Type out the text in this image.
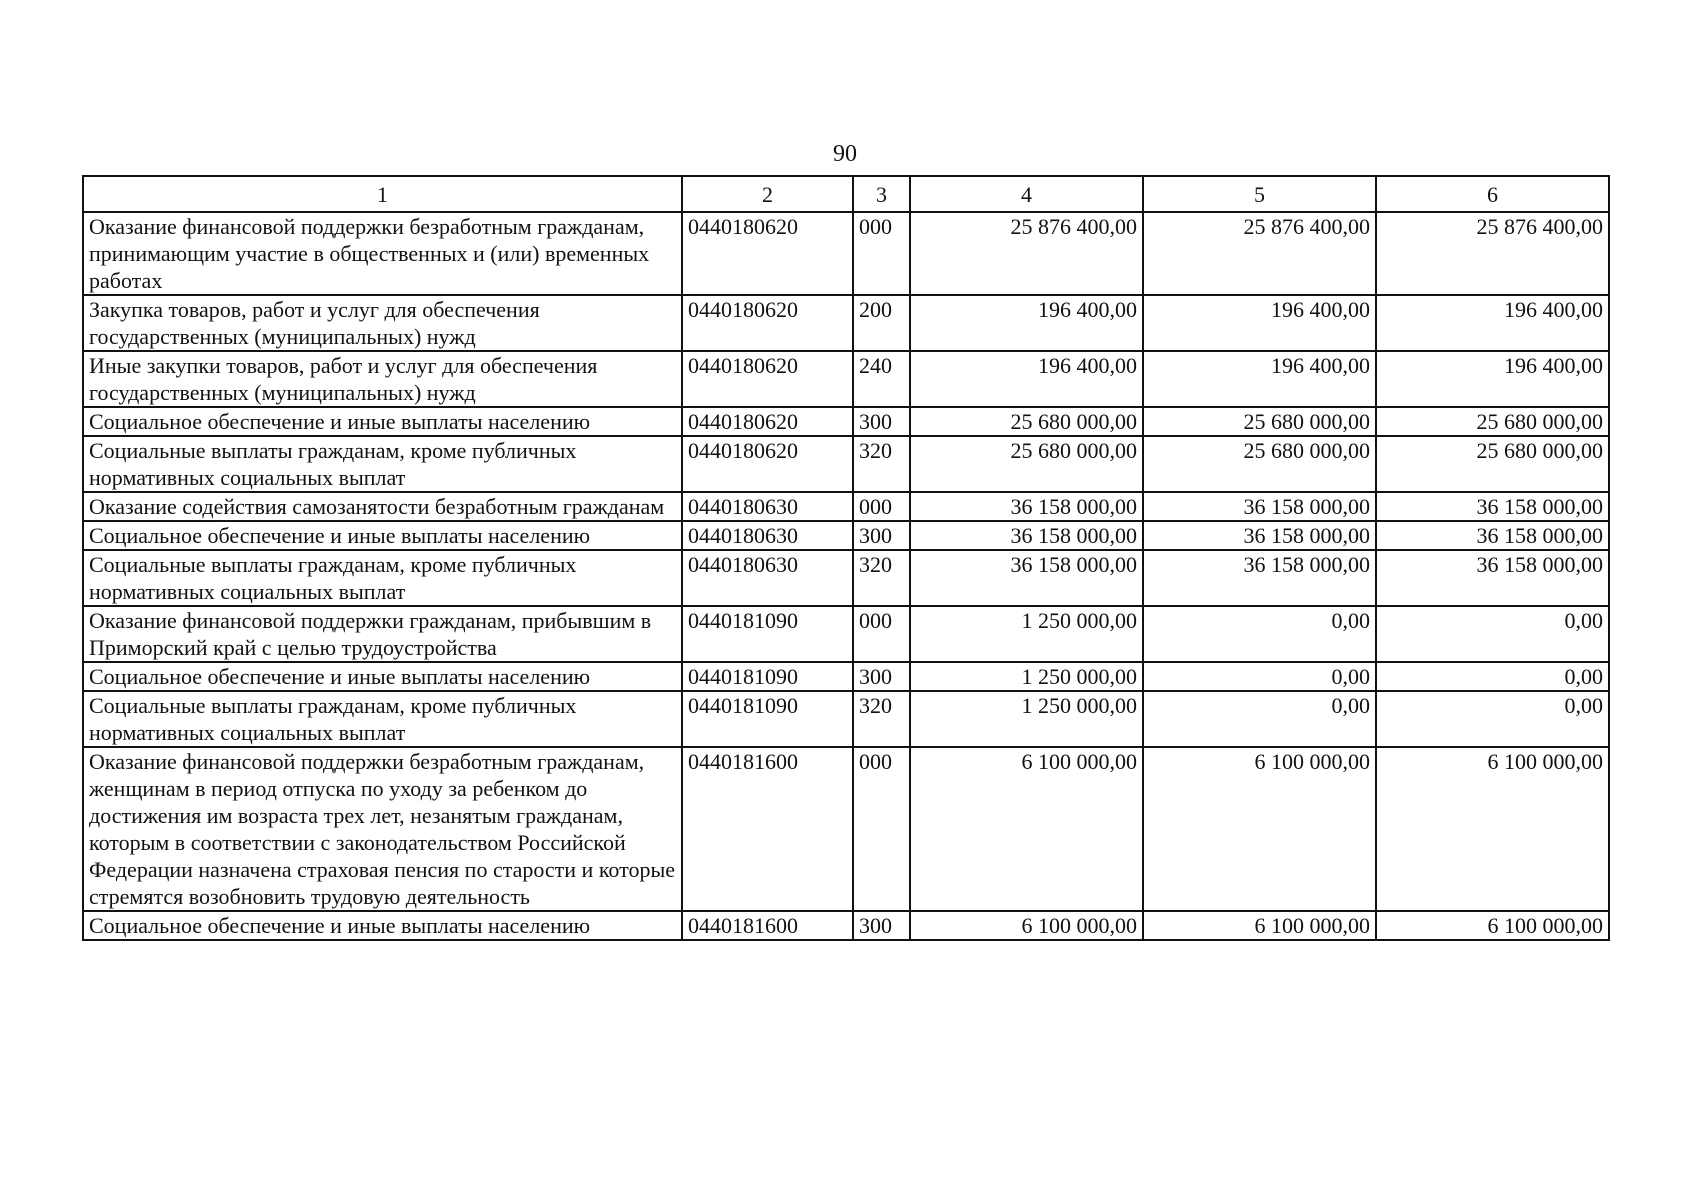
90
1	2	3	4	5	6
Оказание финансовой поддержки безработным гражданам, принимающим участие в общественных и (или) временных работах	0440180620	000	25 876 400,00	25 876 400,00	25 876 400,00
Закупка товаров, работ и услуг для обеспечения государственных (муниципальных) нужд	0440180620	200	196 400,00	196 400,00	196 400,00
Иные закупки товаров, работ и услуг для обеспечения государственных (муниципальных) нужд	0440180620	240	196 400,00	196 400,00	196 400,00
Социальное обеспечение и иные выплаты населению	0440180620	300	25 680 000,00	25 680 000,00	25 680 000,00
Социальные выплаты гражданам, кроме публичных нормативных социальных выплат	0440180620	320	25 680 000,00	25 680 000,00	25 680 000,00
Оказание содействия самозанятости безработным гражданам	0440180630	000	36 158 000,00	36 158 000,00	36 158 000,00
Социальное обеспечение и иные выплаты населению	0440180630	300	36 158 000,00	36 158 000,00	36 158 000,00
Социальные выплаты гражданам, кроме публичных нормативных социальных выплат	0440180630	320	36 158 000,00	36 158 000,00	36 158 000,00
Оказание финансовой поддержки гражданам, прибывшим в Приморский край с целью трудоустройства	0440181090	000	1 250 000,00	0,00	0,00
Социальное обеспечение и иные выплаты населению	0440181090	300	1 250 000,00	0,00	0,00
Социальные выплаты гражданам, кроме публичных нормативных социальных выплат	0440181090	320	1 250 000,00	0,00	0,00
Оказание финансовой поддержки безработным гражданам, женщинам в период отпуска по уходу за ребенком до достижения им возраста трех лет, незанятым гражданам, которым в соответствии с законодательством Российской Федерации назначена страховая пенсия по старости и которые стремятся возобновить трудовую деятельность	0440181600	000	6 100 000,00	6 100 000,00	6 100 000,00
Социальное обеспечение и иные выплаты населению	0440181600	300	6 100 000,00	6 100 000,00	6 100 000,00
